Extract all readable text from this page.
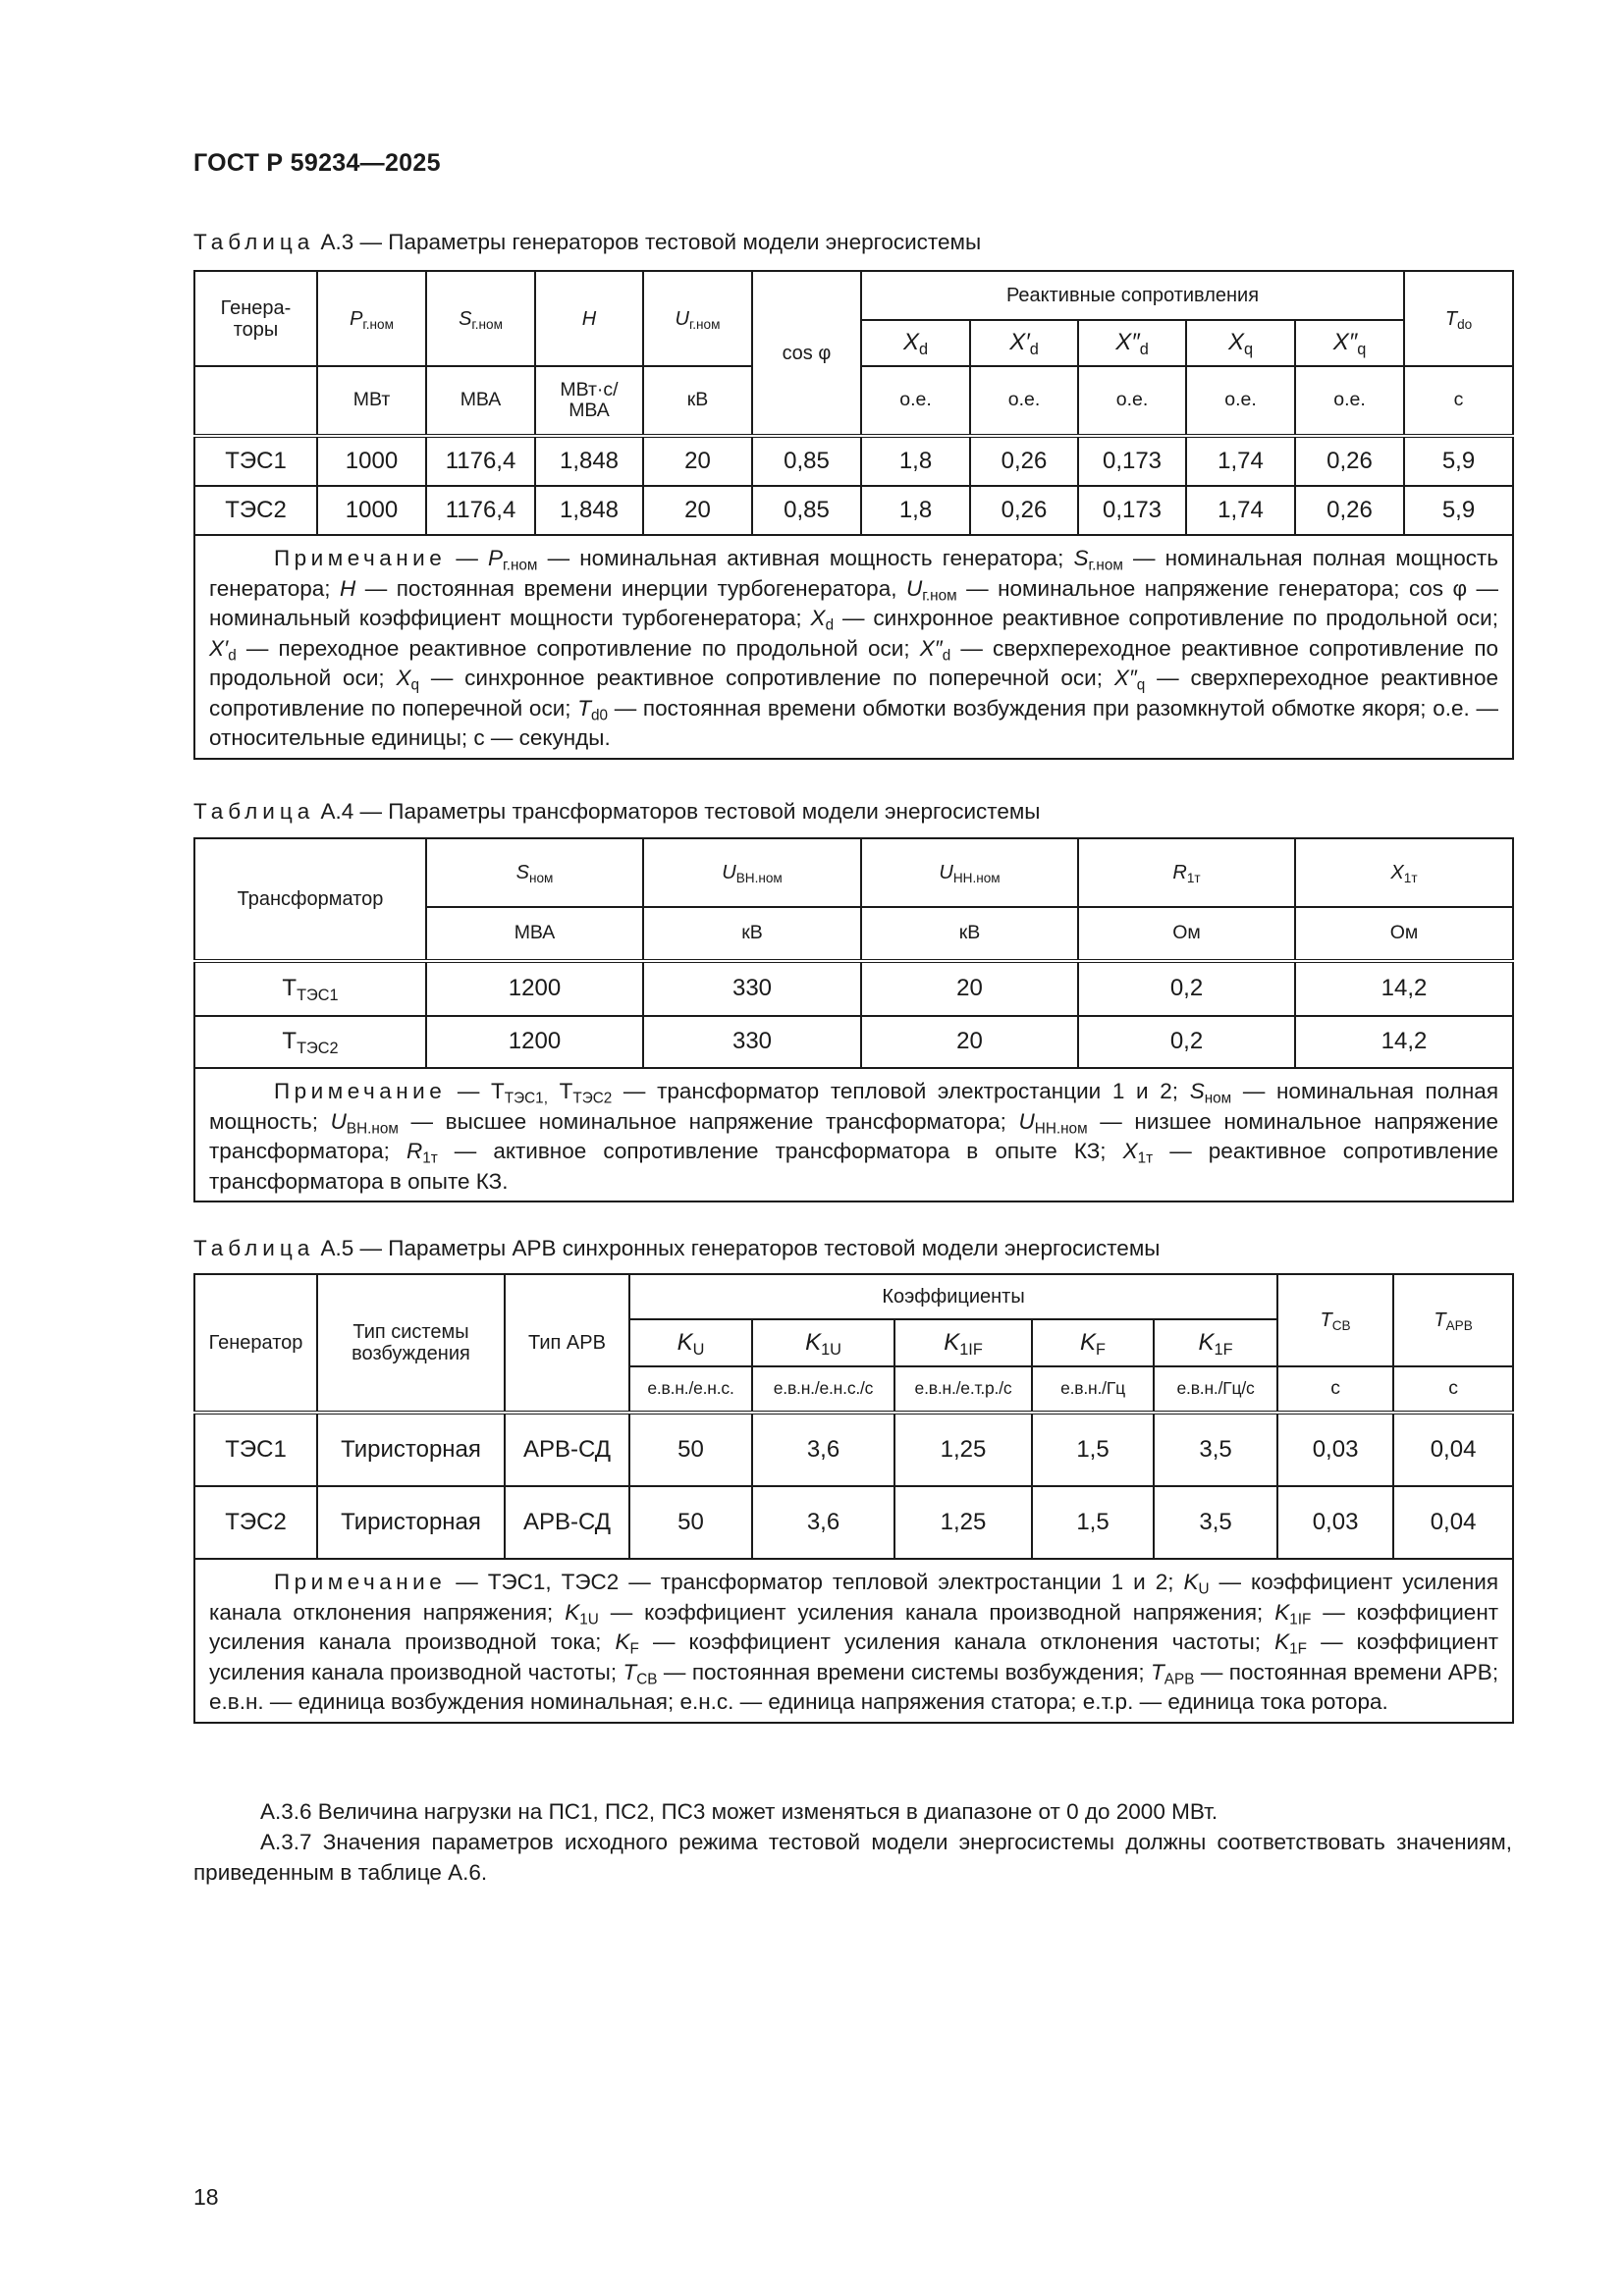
ГОСТ Р 59234—2025
Таблица А.3 — Параметры генераторов тестовой модели энергосистемы
Генера- торы	$P_{г.ном}$	$S_{г.ном}$	H	$U_{г.ном}$	cos φ	Реактивные сопротивления					$T_{do}$
						$X_d$	$X'_d$	$X''_d$	$X_q$	$X''_q$
	МВт	МВА	МВт·с/ МВА	кВ		о.е.	о.е.	о.е.	о.е.	о.е.	с
ТЭС1	1000	1176,4	1,848	20	0,85	1,8	0,26	0,173	1,74	0,26	5,9
ТЭС2	1000	1176,4	1,848	20	0,85	1,8	0,26	0,173	1,74	0,26	5,9
Примечание — $P_{г.ном}$ — номинальная активная мощность генератора; $S_{г.ном}$ — номинальная полная мощность генератора; H — постоянная времени инерции турбогенератора, $U_{г.ном}$ — номинальное напряжение генератора; cos φ — номинальный коэффициент мощности турбогенератора; $X_d$ — синхронное реактивное сопротивление по продольной оси; $X'_d$ — переходное реактивное сопротивление по продольной оси; $X''_d$ — сверхпереходное реактивное сопротивление по продольной оси; $X_q$ — синхронное реактивное сопротивление по поперечной оси; $X''_q$ — сверхпереходное реактивное сопротивление по поперечной оси; $T_{d0}$ — постоянная времени обмотки возбуждения при разомкнутой обмотке якоря; о.е. — относительные единицы; с — секунды.											
Таблица А.4 — Параметры трансформаторов тестовой модели энергосистемы
Трансформатор	$S_{ном}$	$U_{ВН.ном}$	$U_{НН.ном}$	$R_{1т}$	$X_{1т}$
	МВА	кВ	кВ	Ом	Ом
$Т_{ТЭС1}$	1200	330	20	0,2	14,2
$Т_{ТЭС2}$	1200	330	20	0,2	14,2
Примечание — $Т_{ТЭС1,}$ $Т_{ТЭС2}$ — трансформатор тепловой электростанции 1 и 2; $S_{ном}$ — номинальная полная мощность; $U_{ВН.ном}$ — высшее номинальное напряжение трансформатора; $U_{НН.ном}$ — низшее номинальное напряжение трансформатора; $R_{1т}$ — активное сопротивление трансформатора в опыте КЗ; $X_{1т}$ — реактивное сопротивление трансформатора в опыте КЗ.					
Таблица А.5 — Параметры АРВ синхронных генераторов тестовой модели энергосистемы
Генератор	Тип системы возбуждения	Тип АРВ	Коэффициенты					$T_{СВ}$	$T_{АРВ}$
			$K_U$	$K_{1U}$	$K_{1IF}$	$K_F$	$K_{1F}$
			е.в.н./е.н.с.	е.в.н./е.н.с./с	е.в.н./е.т.р./с	е.в.н./Гц	е.в.н./Гц/с	с	с
ТЭС1	Тиристорная	АРВ-СД	50	3,6	1,25	1,5	3,5	0,03	0,04
ТЭС2	Тиристорная	АРВ-СД	50	3,6	1,25	1,5	3,5	0,03	0,04
Примечание — ТЭС1, ТЭС2 — трансформатор тепловой электростанции 1 и 2; $K_U$ — коэффициент усиления канала отклонения напряжения; $K_{1U}$ — коэффициент усиления канала производной напряжения; $K_{1IF}$ — коэффициент усиления канала производной тока; $K_F$ — коэффициент усиления канала отклонения частоты; $K_{1F}$ — коэффициент усиления канала производной частоты; $T_{СВ}$ — постоянная времени системы возбуждения; $T_{АРВ}$ — постоянная времени АРВ; е.в.н. — единица возбуждения номинальная; е.н.с. — единица напряжения статора; е.т.р. — единица тока ротора.									
А.3.6 Величина нагрузки на ПС1, ПС2, ПС3 может изменяться в диапазоне от 0 до 2000 МВт.
А.3.7 Значения параметров исходного режима тестовой модели энергосистемы должны соответствовать значениям, приведенным в таблице А.6.
18
